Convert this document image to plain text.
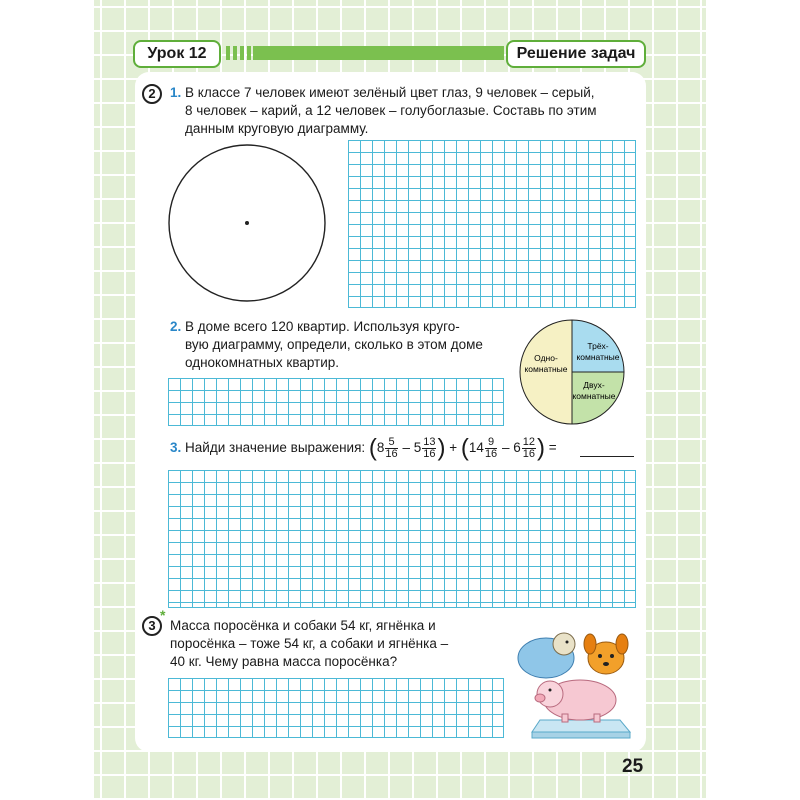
Урок 12	Решение задач
2	1. В классе 7 человек имеют зелёный цвет глаз, 9 человек – серый,
8 человек – карий, а 12 человек – голубоглазые. Составь по этим
данным круговую диаграмму.
2. В доме всего 120 квартир. Используя круго-
вую диаграмму, определи, сколько в этом доме
однокомнатных квартир.	Одно-
комнатные
Трёх-
комнатные
Двух-
комнатные
3. Найди значение выражения: ($8 \frac{5}{16} - 5 \frac{13}{16}$ ) + ($14 \frac{9}{16} - 6 \frac{12}{16}$ ) =
3
*
Масса поросёнка и собаки 54 кг, ягнёнка и
поросёнка – тоже 54 кг, а собаки и ягнёнка –
40 кг. Чему равна масса поросёнка?
25
